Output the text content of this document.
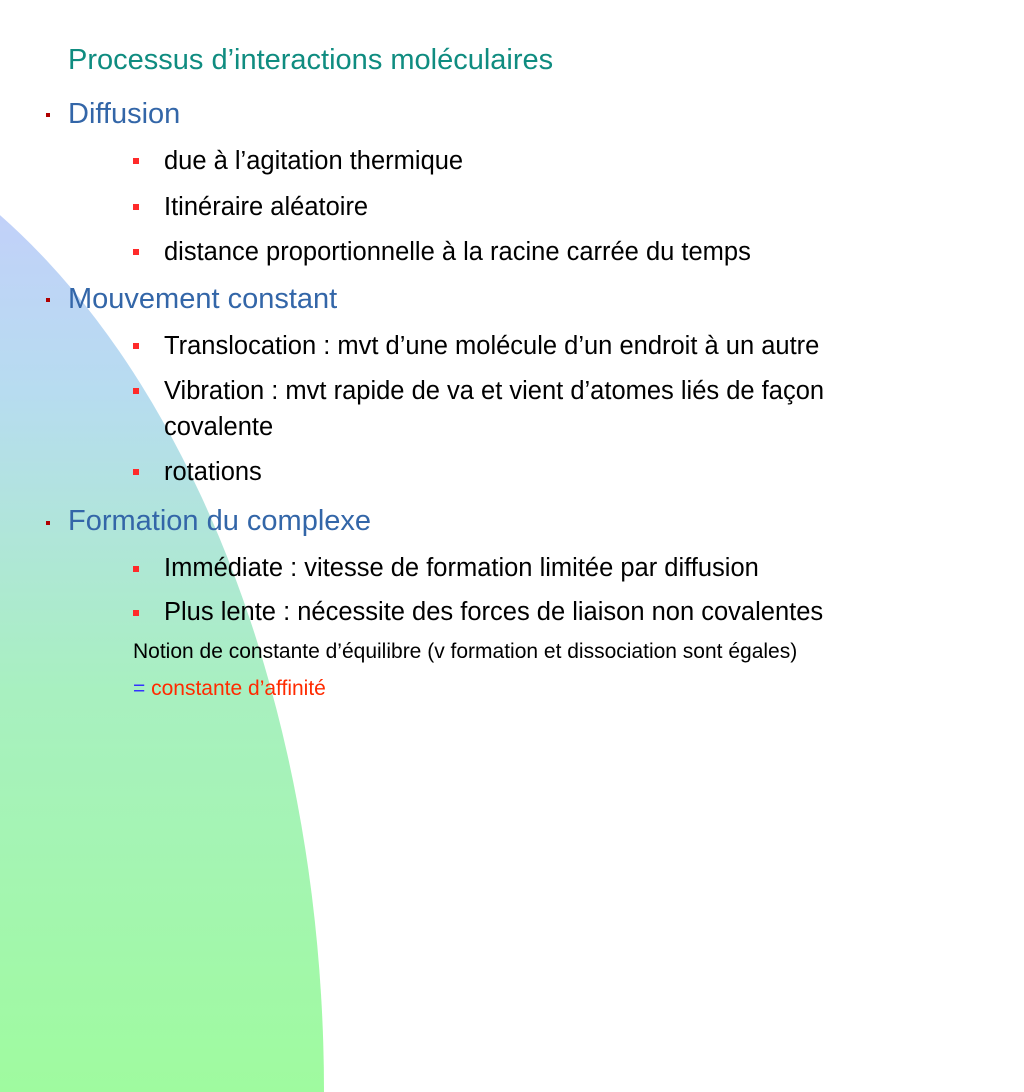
Processus d’interactions moléculaires
Diffusion
due à l’agitation thermique
Itinéraire aléatoire
distance proportionnelle à la racine carrée du temps
Mouvement constant
Translocation : mvt d’une molécule d’un endroit à un autre
Vibration : mvt rapide de va et vient d’atomes liés de façon
covalente
rotations
Formation du complexe
Immédiate : vitesse de formation limitée par diffusion
Plus lente : nécessite des forces de liaison non covalentes
Notion de constante d’équilibre (v formation et dissociation sont égales)
= constante d’affinité
